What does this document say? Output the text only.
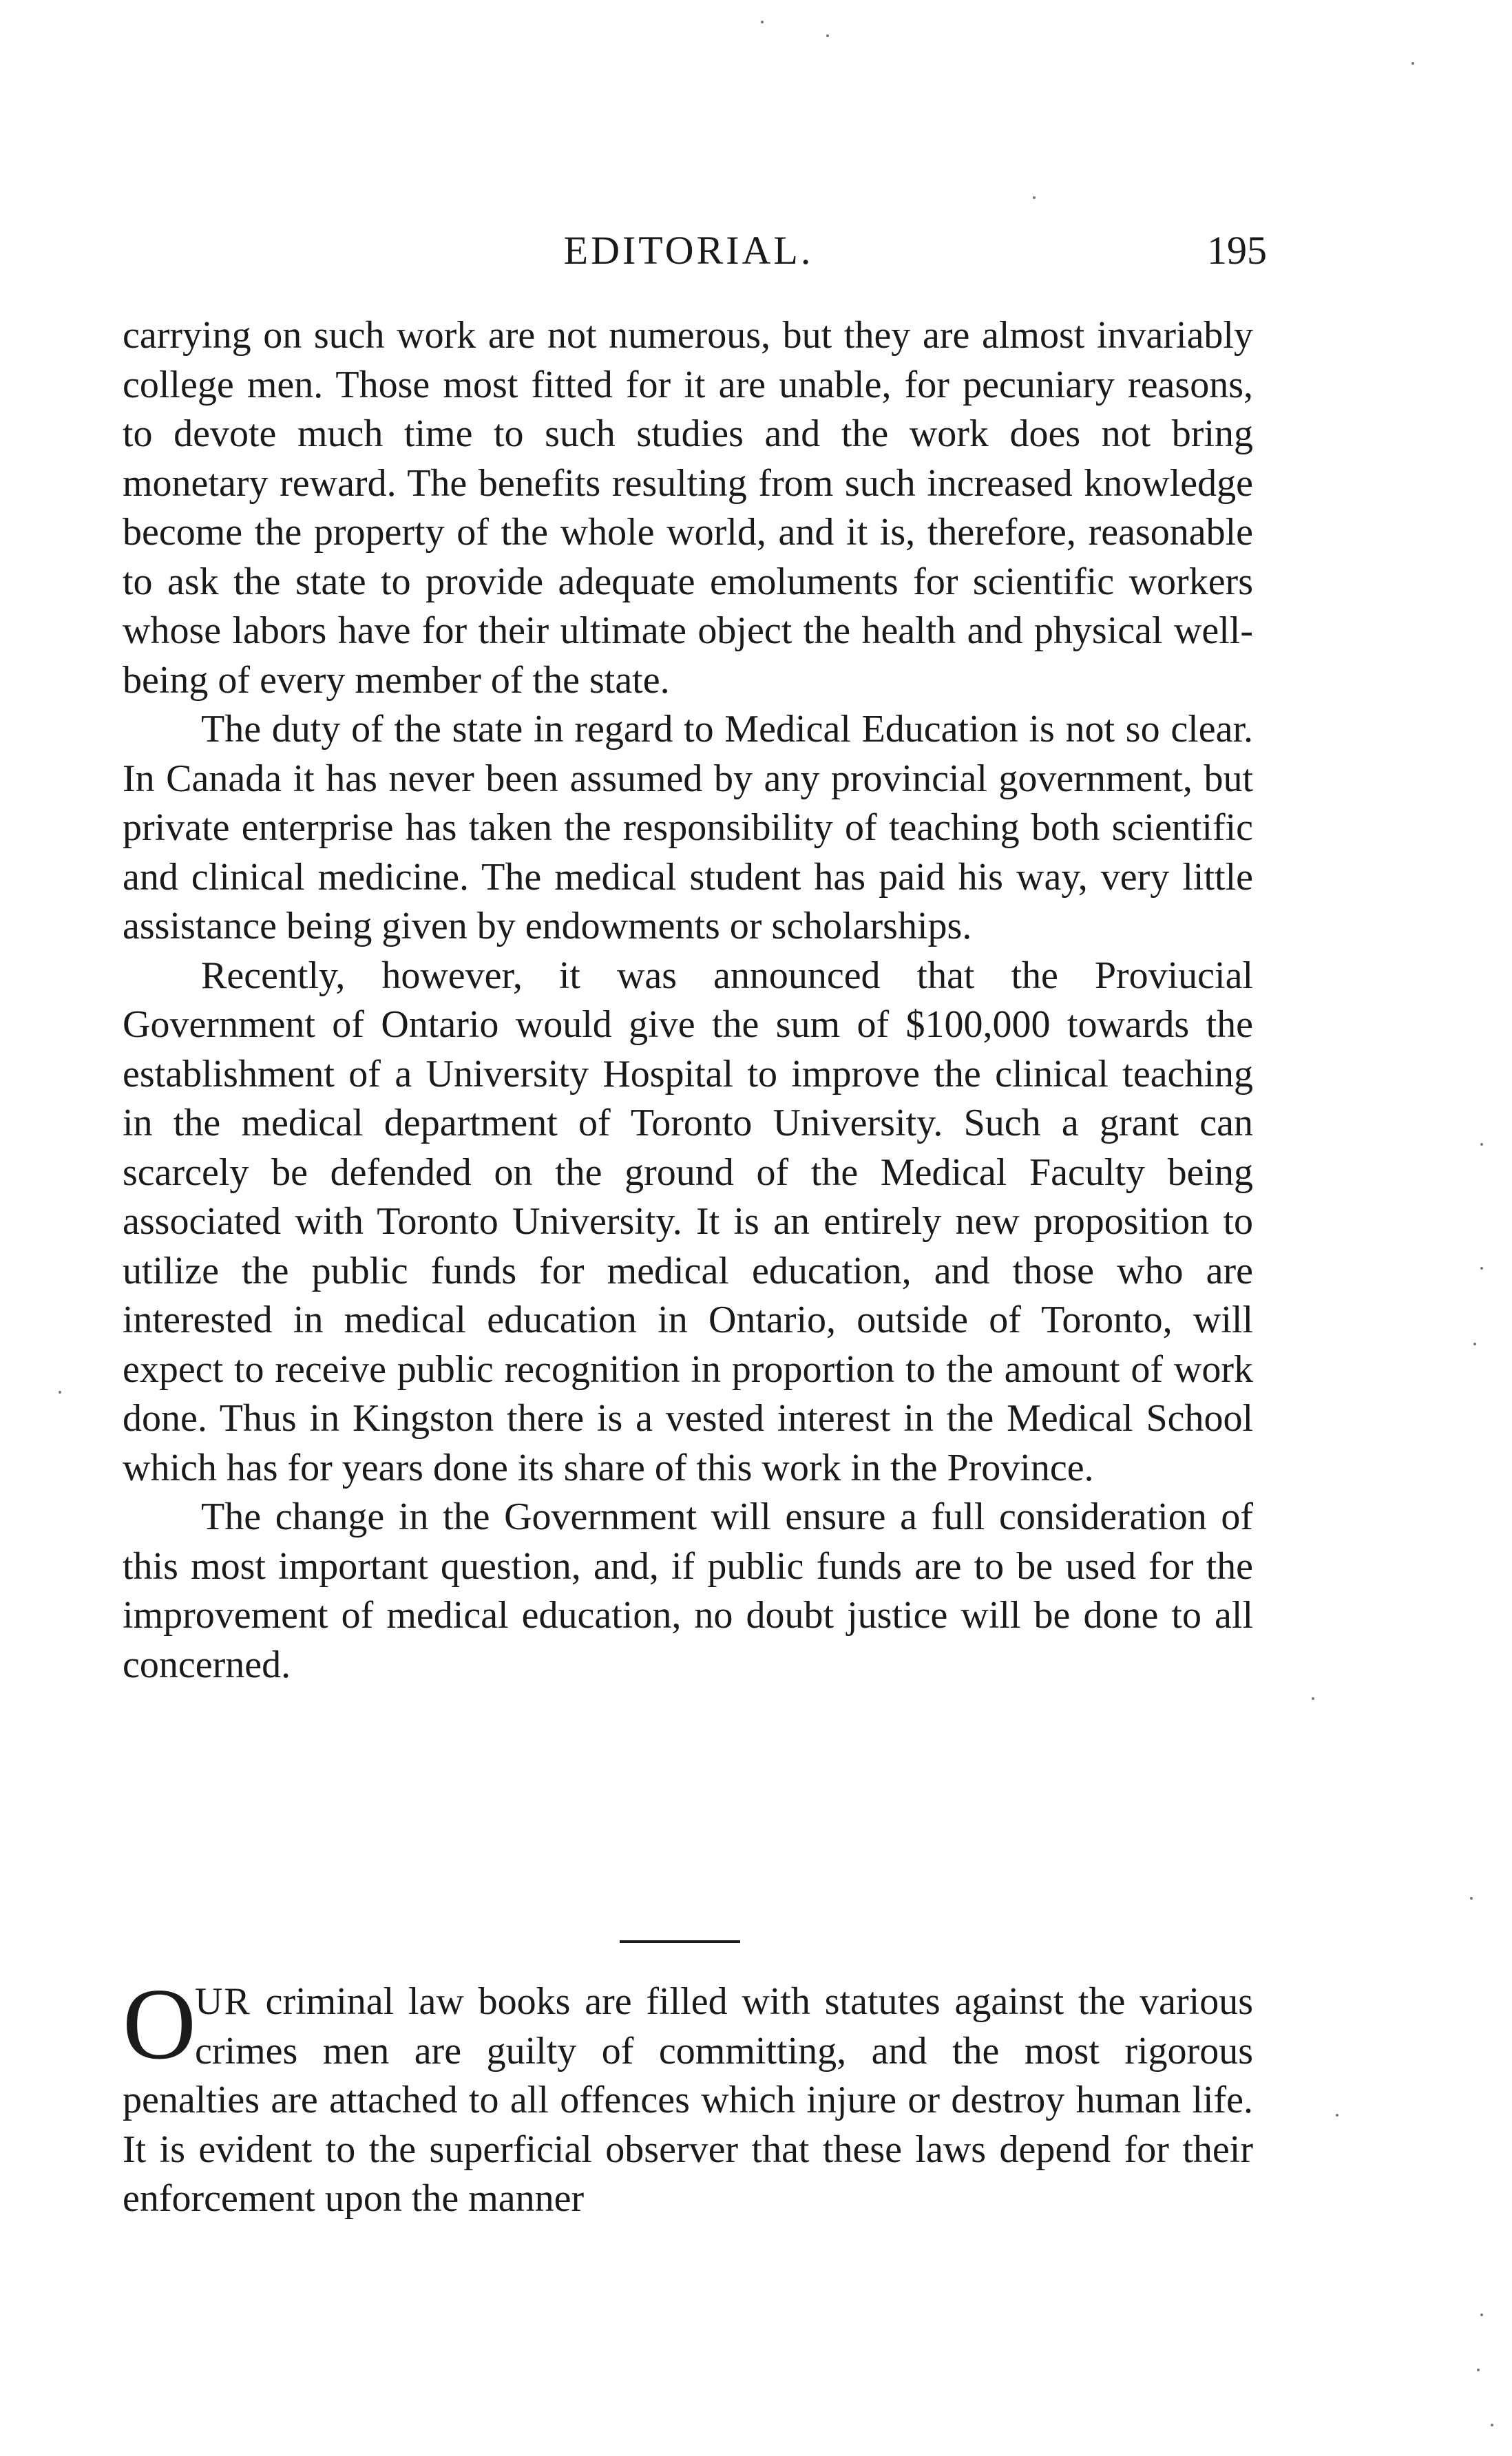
EDITORIAL.	195

carrying on such work are not numerous, but they are almost invariably college men. Those most fitted for it are unable, for pecuniary reasons, to devote much time to such studies and the work does not bring monetary reward. The benefits resulting from such increased knowledge become the property of the whole world, and it is, therefore, reasonable to ask the state to provide adequate emoluments for scientific workers whose labors have for their ultimate object the health and physical well-being of every member of the state.

The duty of the state in regard to Medical Education is not so clear. In Canada it has never been assumed by any provincial government, but private enterprise has taken the responsibility of teaching both scientific and clinical medicine. The medical student has paid his way, very little assistance being given by endowments or scholarships.

Recently, however, it was announced that the Proviucial Government of Ontario would give the sum of $100,000 towards the establishment of a University Hospital to improve the clinical teaching in the medical department of Toronto University. Such a grant can scarcely be defended on the ground of the Medical Faculty being associated with Toronto University. It is an entirely new proposition to utilize the public funds for medical education, and those who are interested in medical education in Ontario, outside of Toronto, will expect to receive public recognition in proportion to the amount of work done. Thus in Kingston there is a vested interest in the Medical School which has for years done its share of this work in the Province.

The change in the Government will ensure a full consideration of this most important question, and, if public funds are to be used for the improvement of medical education, no doubt justice will be done to all concerned.

O
UR criminal law books are filled with statutes against the various crimes men are guilty of committing, and the most rigorous penalties are attached to all offences which injure or destroy human life. It is evident to the superficial observer that these laws depend for their enforcement upon the manner
